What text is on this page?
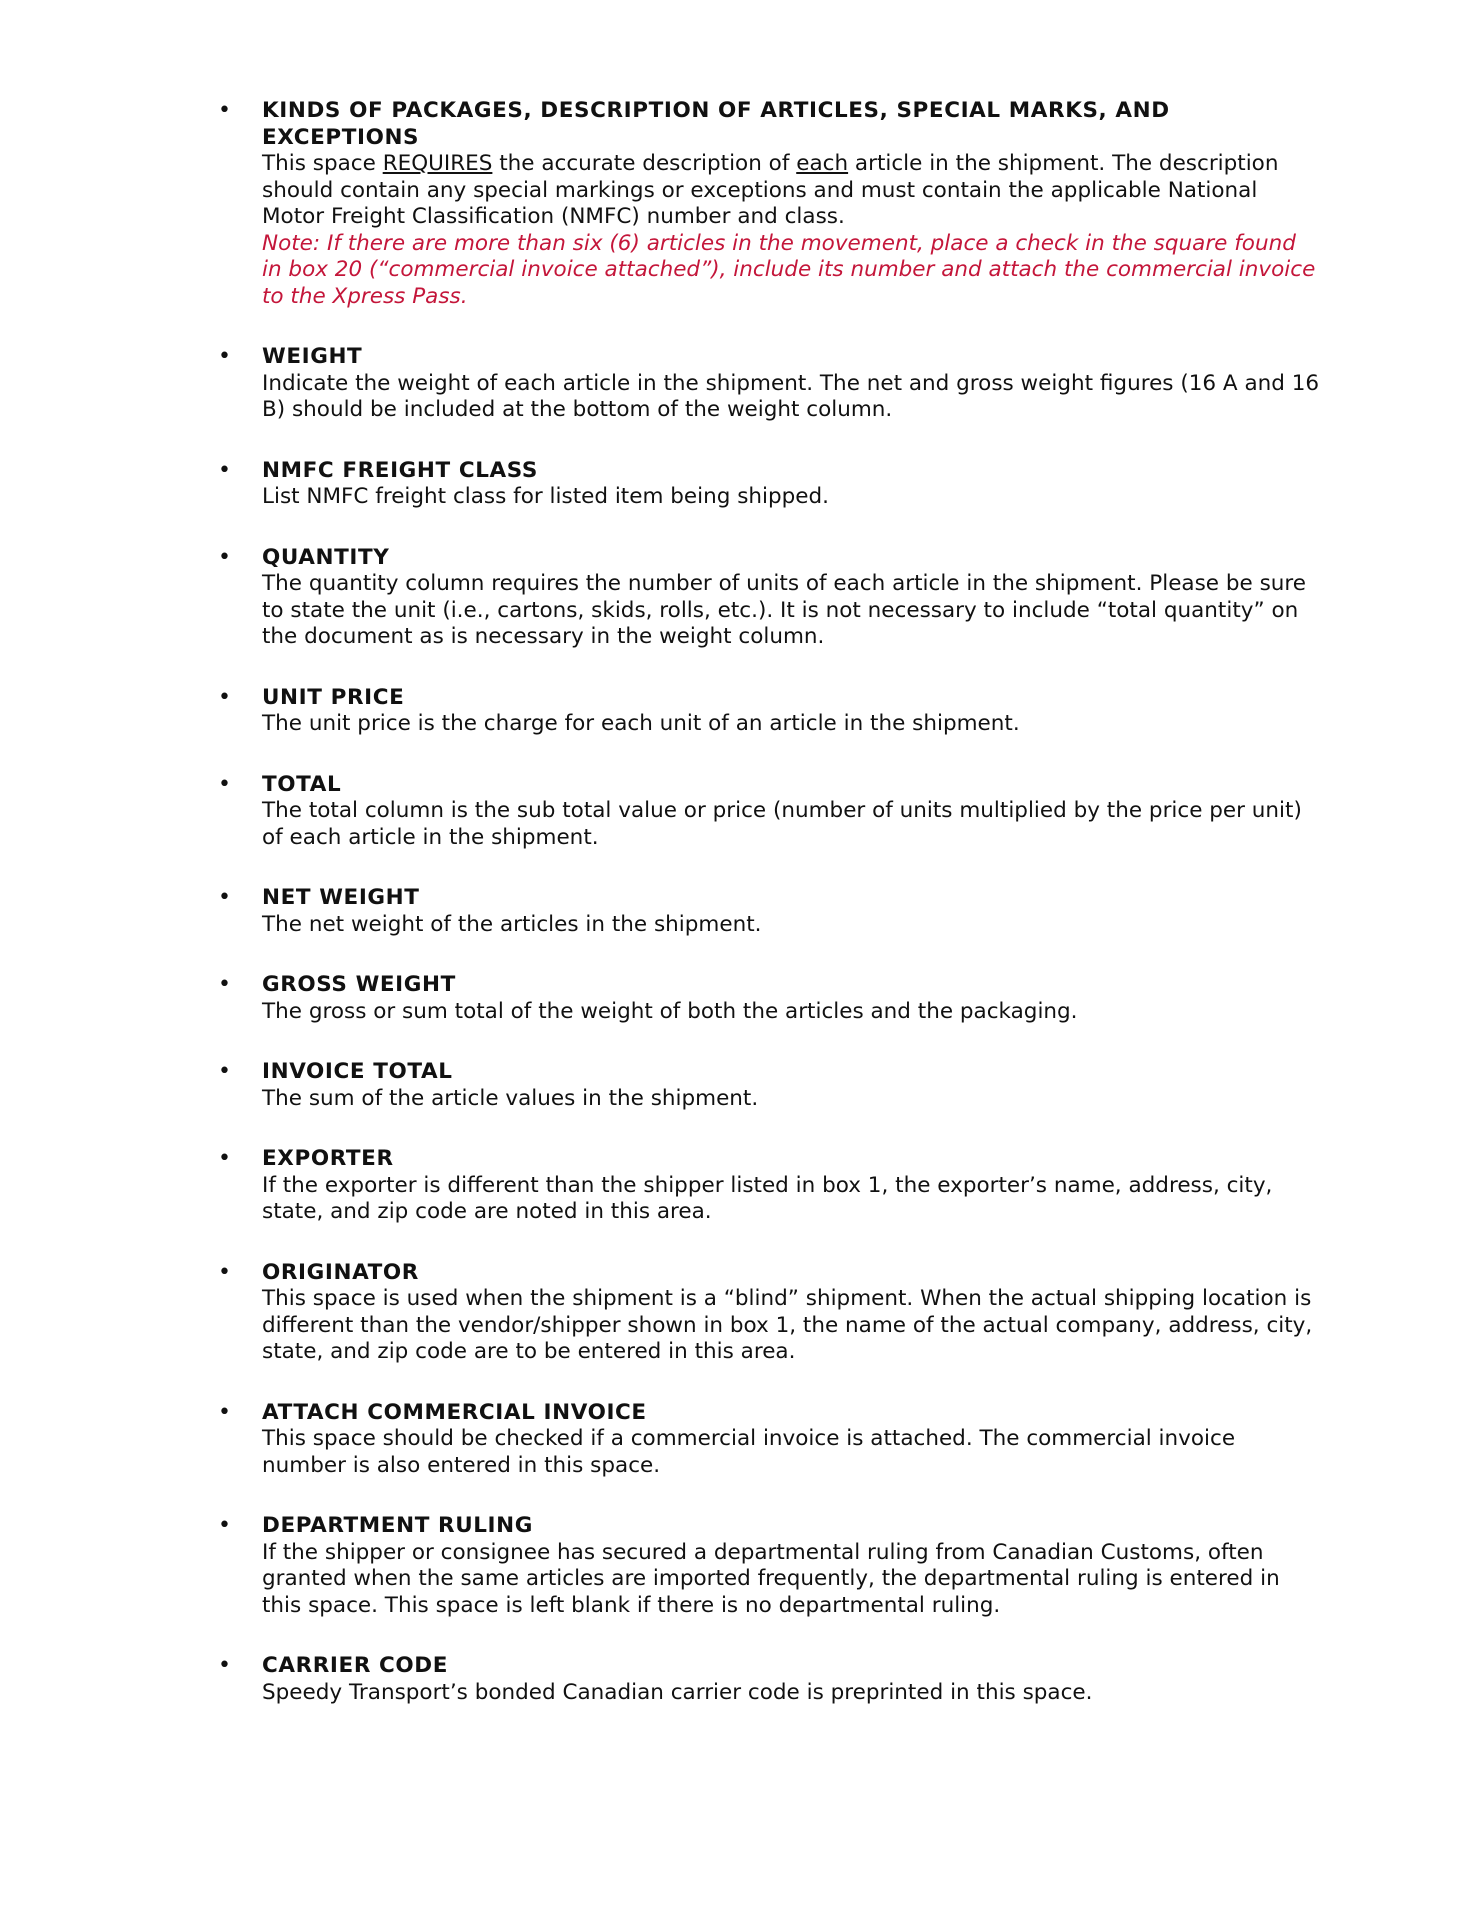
• KINDS OF PACKAGES, DESCRIPTION OF ARTICLES, SPECIAL MARKS, AND EXCEPTIONS
This space REQUIRES the accurate description of each article in the shipment. The description should contain any special markings or exceptions and must contain the applicable National Motor Freight Classification (NMFC) number and class.
Note: If there are more than six (6) articles in the movement, place a check in the square found in box 20 (“commercial invoice attached”), include its number and attach the commercial invoice to the Xpress Pass.
• WEIGHT
Indicate the weight of each article in the shipment. The net and gross weight figures (16 A and 16 B) should be included at the bottom of the weight column.
• NMFC FREIGHT CLASS
List NMFC freight class for listed item being shipped.
• QUANTITY
The quantity column requires the number of units of each article in the shipment. Please be sure to state the unit (i.e., cartons, skids, rolls, etc.). It is not necessary to include “total quantity” on the document as is necessary in the weight column.
• UNIT PRICE
The unit price is the charge for each unit of an article in the shipment.
• TOTAL
The total column is the sub total value or price (number of units multiplied by the price per unit) of each article in the shipment.
• NET WEIGHT
The net weight of the articles in the shipment.
• GROSS WEIGHT
The gross or sum total of the weight of both the articles and the packaging.
• INVOICE TOTAL
The sum of the article values in the shipment.
• EXPORTER
If the exporter is different than the shipper listed in box 1, the exporter’s name, address, city, state, and zip code are noted in this area.
• ORIGINATOR
This space is used when the shipment is a “blind” shipment. When the actual shipping location is different than the vendor/shipper shown in box 1, the name of the actual company, address, city, state, and zip code are to be entered in this area.
• ATTACH COMMERCIAL INVOICE
This space should be checked if a commercial invoice is attached. The commercial invoice number is also entered in this space.
• DEPARTMENT RULING
If the shipper or consignee has secured a departmental ruling from Canadian Customs, often granted when the same articles are imported frequently, the departmental ruling is entered in this space. This space is left blank if there is no departmental ruling.
• CARRIER CODE
Speedy Transport’s bonded Canadian carrier code is preprinted in this space.
